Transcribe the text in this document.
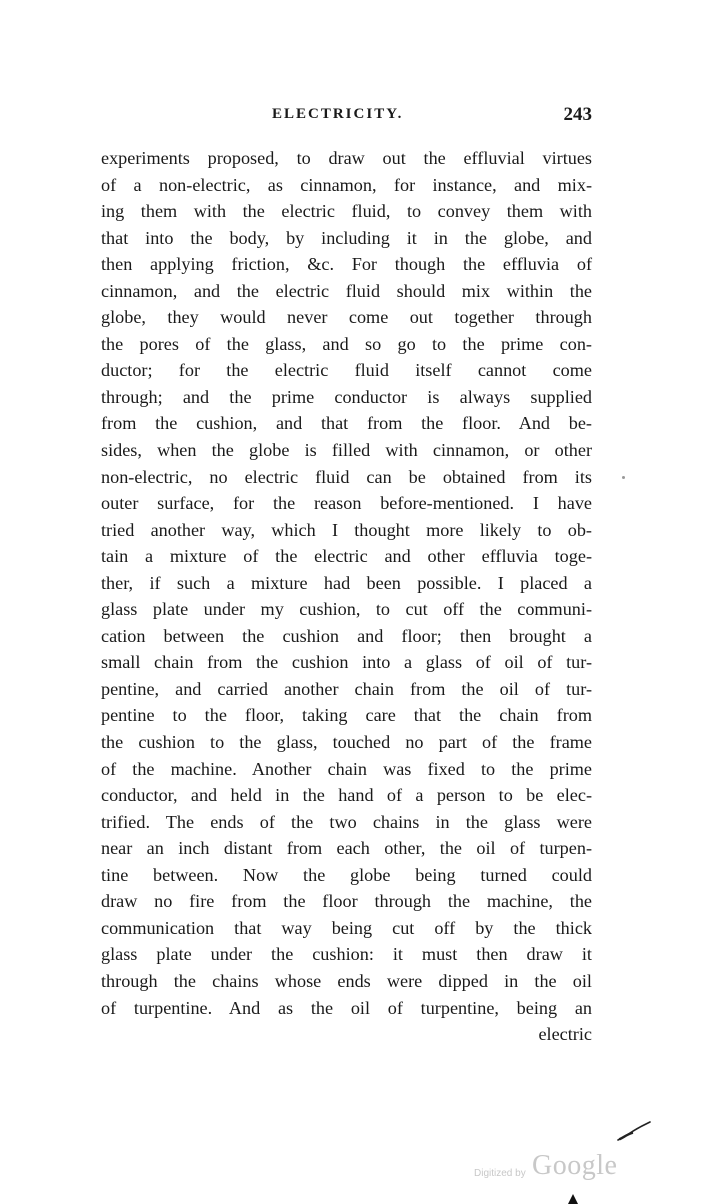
ELECTRICITY.	243
experiments proposed, to draw out the effluvial virtues
of a non-electric, as cinnamon, for instance, and mix-
ing them with the electric fluid, to convey them with
that into the body, by including it in the globe, and
then applying friction, &c. For though the effluvia of
cinnamon, and the electric fluid should mix within the
globe, they would never come out together through
the pores of the glass, and so go to the prime con-
ductor; for the electric fluid itself cannot come
through; and the prime conductor is always supplied
from the cushion, and that from the floor. And be-
sides, when the globe is filled with cinnamon, or other
non-electric, no electric fluid can be obtained from its
outer surface, for the reason before-mentioned. I have
tried another way, which I thought more likely to ob-
tain a mixture of the electric and other effluvia toge-
ther, if such a mixture had been possible. I placed a
glass plate under my cushion, to cut off the communi-
cation between the cushion and floor; then brought a
small chain from the cushion into a glass of oil of tur-
pentine, and carried another chain from the oil of tur-
pentine to the floor, taking care that the chain from
the cushion to the glass, touched no part of the frame
of the machine. Another chain was fixed to the prime
conductor, and held in the hand of a person to be elec-
trified. The ends of the two chains in the glass were
near an inch distant from each other, the oil of turpen-
tine between. Now the globe being turned could
draw no fire from the floor through the machine, the
communication that way being cut off by the thick
glass plate under the cushion: it must then draw it
through the chains whose ends were dipped in the oil
of turpentine. And as the oil of turpentine, being an
electric
Digitized by Google
